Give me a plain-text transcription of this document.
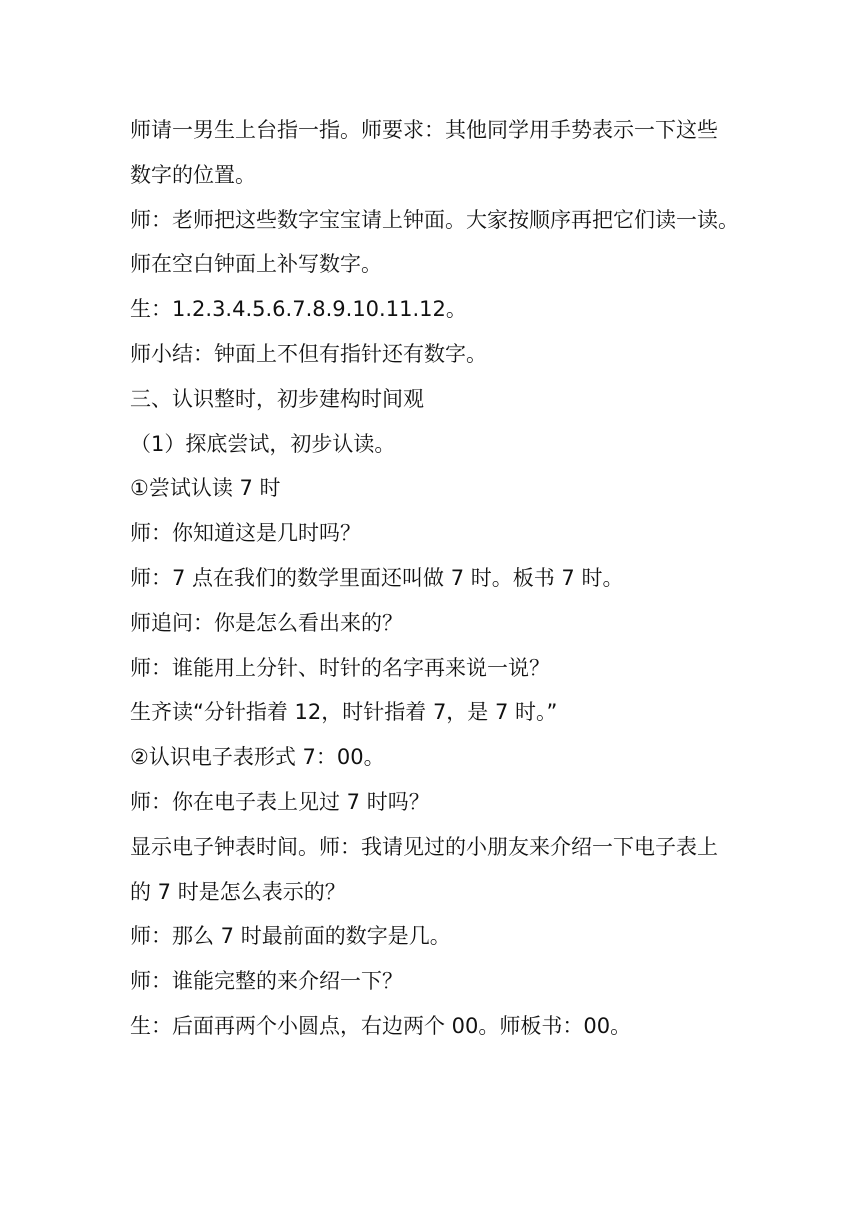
师请一男生上台指一指。师要求：其他同学用手势表示一下这些
数字的位置。
师：老师把这些数字宝宝请上钟面。大家按顺序再把它们读一读。
师在空白钟面上补写数字。
生：1.2.3.4.5.6.7.8.9.10.11.12。
师小结：钟面上不但有指针还有数字。
三、认识整时，初步建构时间观
（1）探底尝试，初步认读。
①尝试认读 7 时
师：你知道这是几时吗？
师：7 点在我们的数学里面还叫做 7 时。板书 7 时。
师追问：你是怎么看出来的？
师：谁能用上分针、时针的名字再来说一说？
生齐读“分针指着 12，时针指着 7，是 7 时。”
②认识电子表形式 7：00。
师：你在电子表上见过 7 时吗？
显示电子钟表时间。师：我请见过的小朋友来介绍一下电子表上
的 7 时是怎么表示的？
师：那么 7 时最前面的数字是几。
师：谁能完整的来介绍一下？
生：后面再两个小圆点，右边两个 00。师板书：00。
